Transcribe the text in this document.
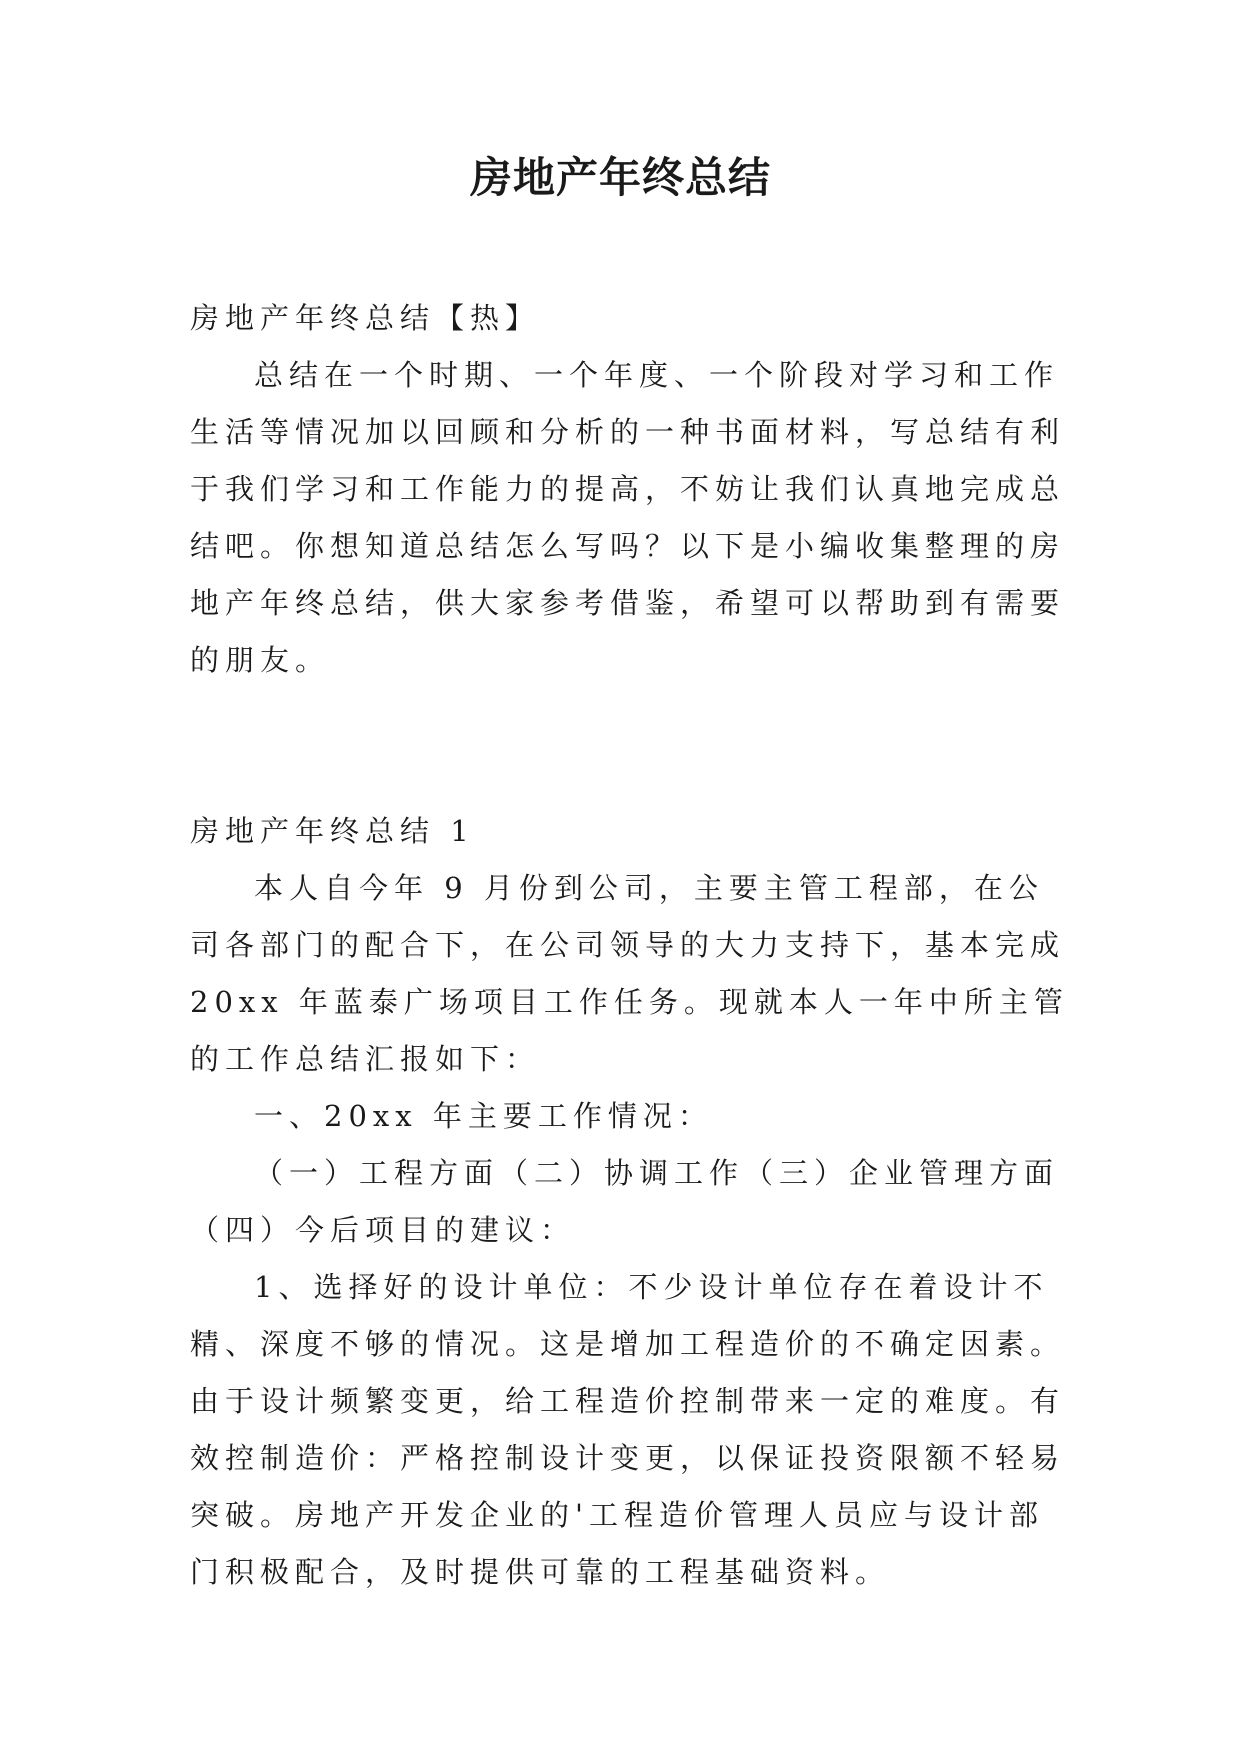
房地产年终总结

房地产年终总结【热】

总结在一个时期、一个年度、一个阶段对学习和工作生活等情况加以回顾和分析的一种书面材料，写总结有利于我们学习和工作能力的提高，不妨让我们认真地完成总结吧。你想知道总结怎么写吗？以下是小编收集整理的房地产年终总结，供大家参考借鉴，希望可以帮助到有需要的朋友。

房地产年终总结 1

本人自今年 9 月份到公司，主要主管工程部，在公司各部门的配合下，在公司领导的大力支持下，基本完成 20xx 年蓝泰广场项目工作任务。现就本人一年中所主管的工作总结汇报如下：

一、20xx 年主要工作情况：

（一）工程方面（二）协调工作（三）企业管理方面（四）今后项目的建议：

1、选择好的设计单位：不少设计单位存在着设计不精、深度不够的情况。这是增加工程造价的不确定因素。由于设计频繁变更，给工程造价控制带来一定的难度。有效控制造价：严格控制设计变更，以保证投资限额不轻易突破。房地产开发企业的'工程造价管理人员应与设计部门积极配合，及时提供可靠的工程基础资料。
